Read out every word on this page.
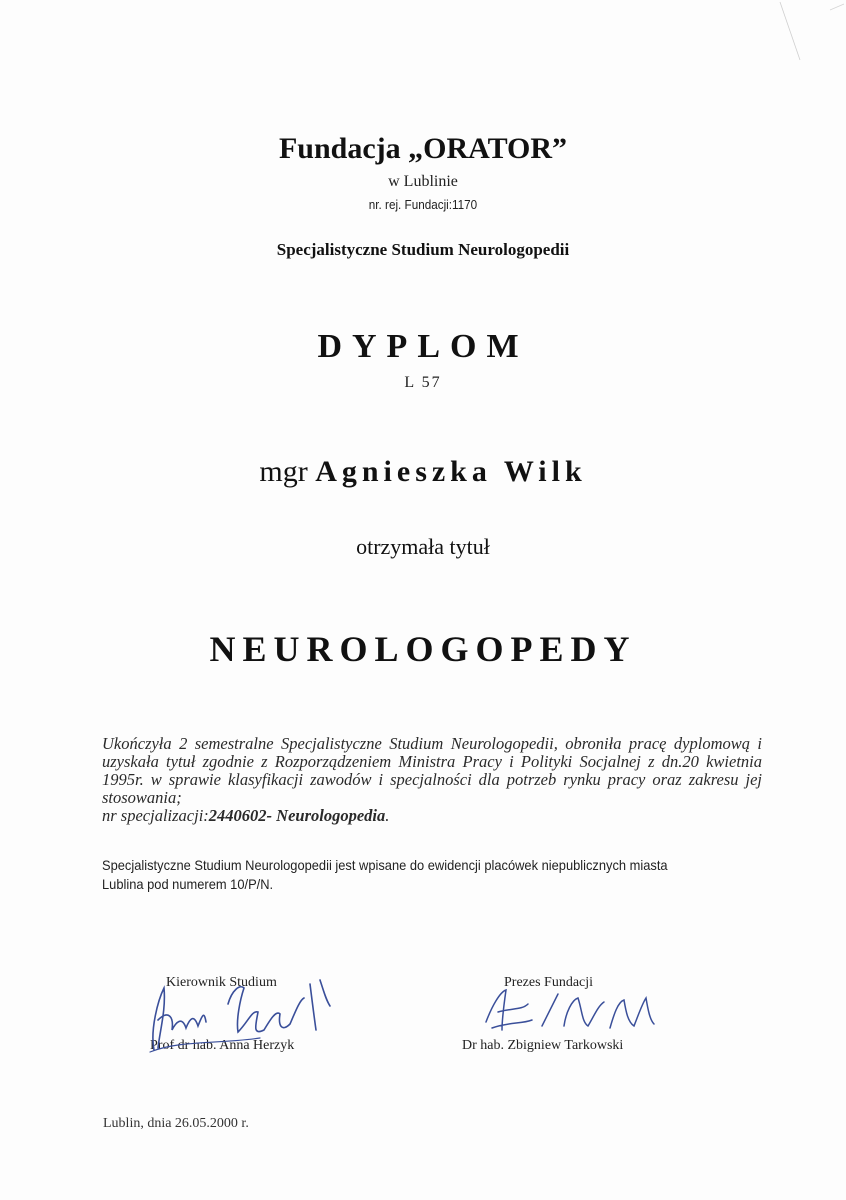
Fundacja „ORATOR”
w Lublinie
nr. rej. Fundacji:1170
Specjalistyczne Studium Neurologopedii
DYPLOM
L 57
mgr Agnieszka Wilk
otrzymała tytuł
NEUROLOGOPEDY
Ukończyła 2 semestralne Specjalistyczne Studium Neurologopedii, obroniła pracę dyplomową i uzyskała tytuł zgodnie z Rozporządzeniem Ministra Pracy i Polityki Socjalnej z dn.20 kwietnia 1995r. w sprawie klasyfikacji zawodów i specjalności dla potrzeb rynku pracy oraz zakresu jej stosowania;
nr specjalizacji:2440602- Neurologopedia.
Specjalistyczne Studium Neurologopedii jest wpisane do ewidencji placówek niepublicznych miasta Lublina pod numerem 10/P/N.
Kierownik Studium
Prof dr hab. Anna Herzyk
Prezes Fundacji
Dr hab. Zbigniew Tarkowski
Lublin, dnia 26.05.2000 r.
